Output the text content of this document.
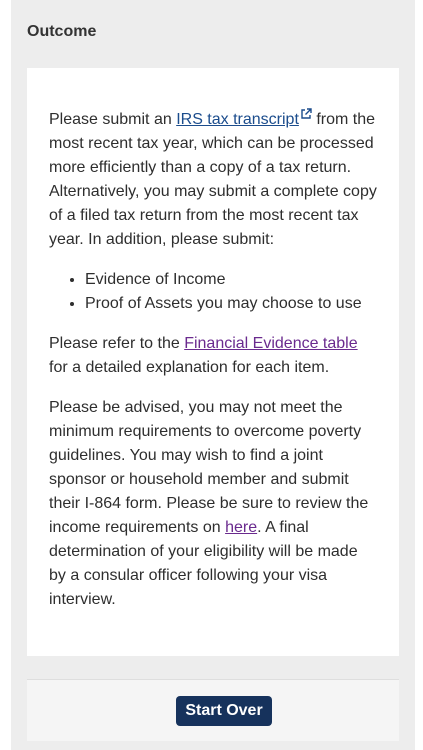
Outcome

Please submit an IRS tax transcript from the most recent tax year, which can be processed more efficiently than a copy of a tax return. Alternatively, you may submit a complete copy of a filed tax return from the most recent tax year. In addition, please submit:

• Evidence of Income
• Proof of Assets you may choose to use

Please refer to the Financial Evidence table for a detailed explanation for each item.

Please be advised, you may not meet the minimum requirements to overcome poverty guidelines. You may wish to find a joint sponsor or household member and submit their I-864 form. Please be sure to review the income requirements on here. A final determination of your eligibility will be made by a consular officer following your visa interview.

Start Over
